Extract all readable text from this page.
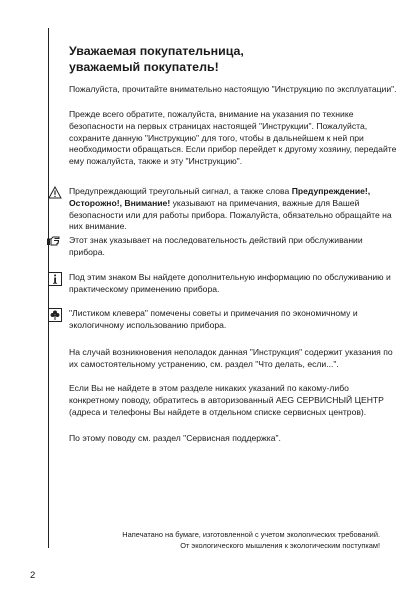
Уважаемая покупательница,
уважаемый покупатель!

Пожалуйста, прочитайте внимательно настоящую "Инструкцию по эксплуатации".

Прежде всего обратите, пожалуйста, внимание на указания по технике безопасности на первых страницах настоящей "Инструкции". Пожалуйста, сохраните данную "Инструкцию" для того, чтобы в дальнейшем к ней при необходимости обращаться. Если прибор перейдет к другому хозяину, передайте ему пожалуйста, также и эту "Инструкцию".

Предупреждающий треугольный сигнал, а также слова Предупреждение!, Осторожно!, Внимание! указывают на примечания, важные для Вашей безопасности или для работы прибора. Пожалуйста, обязательно обращайте на них внимание.

Этот знак указывает на последовательность действий при обслуживании прибора.

Под этим знаком Вы найдете дополнительную информацию по обслуживанию и практическому применению прибора.

"Листиком клевера" помечены советы и примечания по экономичному и экологичному использованию прибора.

На случай возникновения неполадок данная "Инструкция" содержит указания по их самостоятельному устранению, см. раздел "Что делать, если...".

Если Вы не найдете в этом разделе никаких указаний по какому-либо конкретному поводу, обратитесь в авторизованный AEG СЕРВИСНЫЙ ЦЕНТР (адреса и телефоны Вы найдете в отдельном списке сервисных центров).

По этому поводу см. раздел "Сервисная поддержка".

Напечатано на бумаге, изготовленной с учетом экологических требований.
От экологического мышления к экологическим поступкам!
2
